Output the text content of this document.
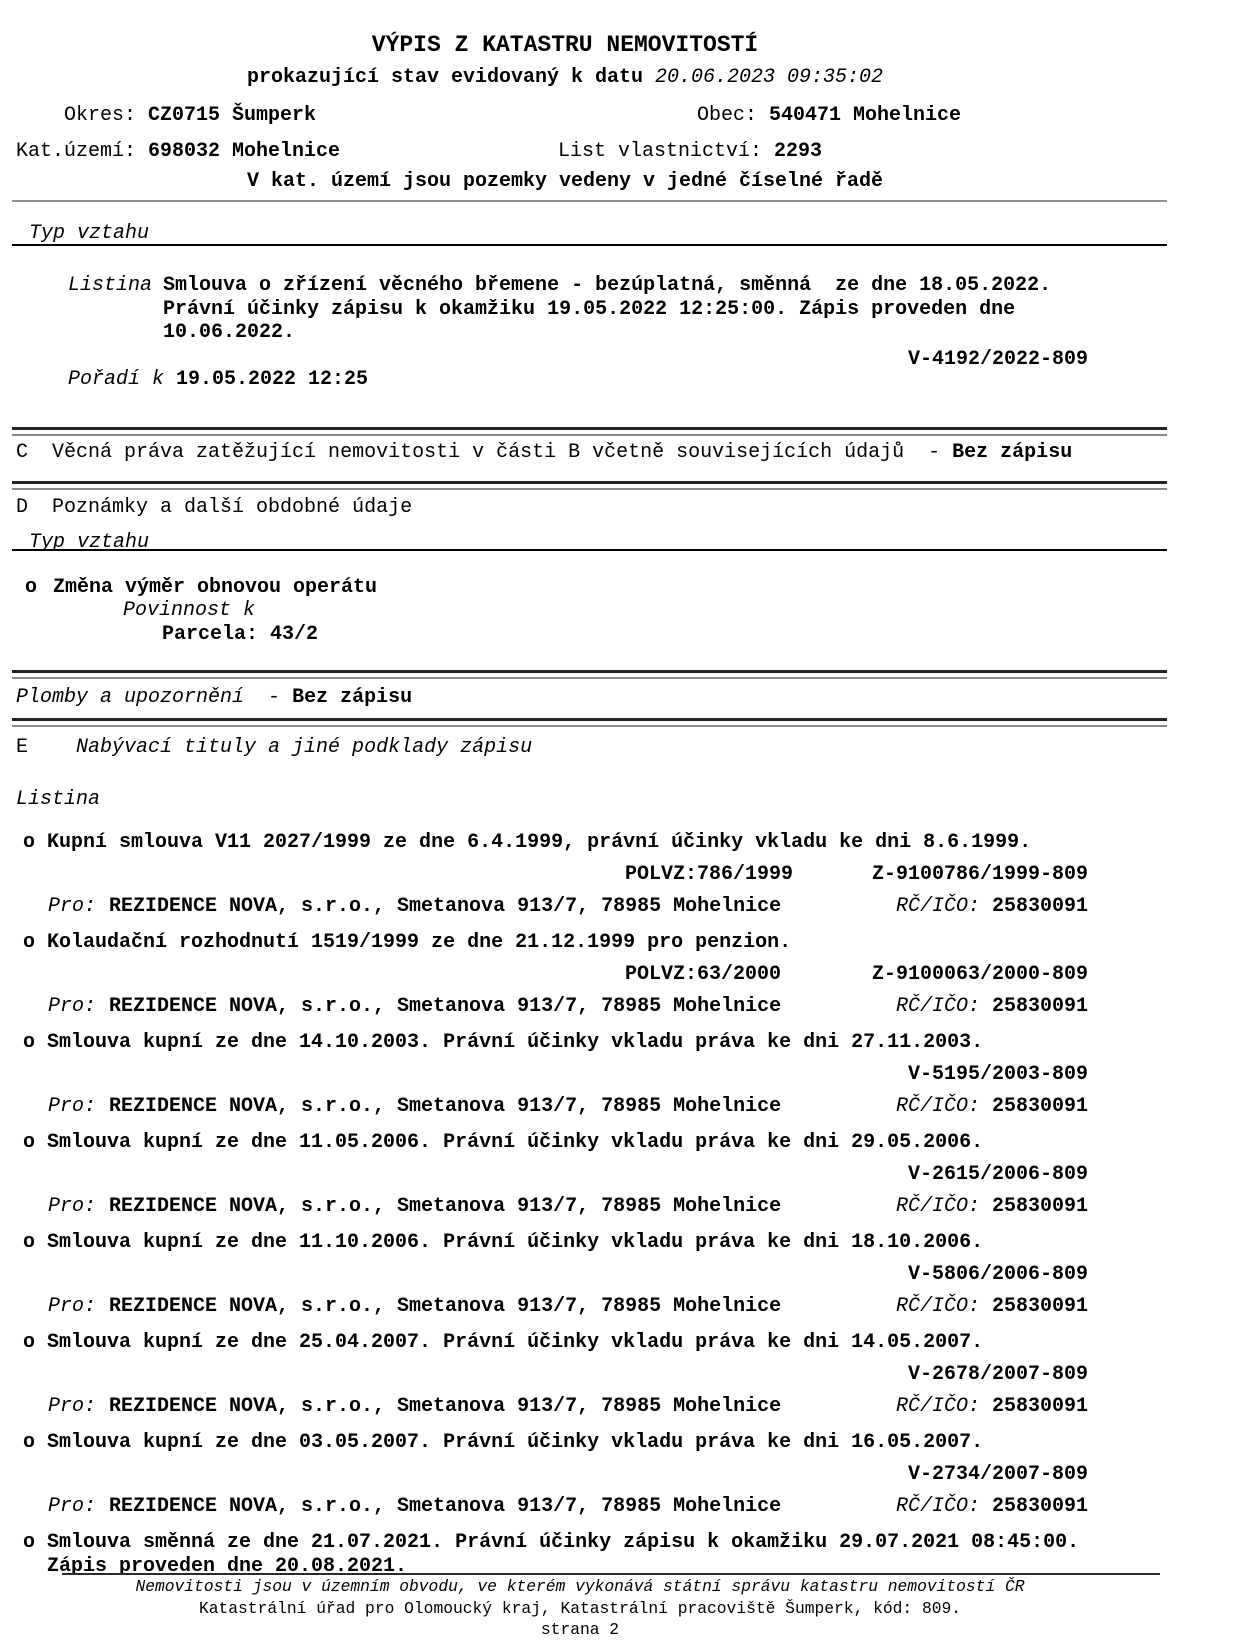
VÝPIS Z KATASTRU NEMOVITOSTÍ
prokazující stav evidovaný k datu 20.06.2023 09:35:02
Okres: CZ0715 Šumperk	Obec: 540471 Mohelnice
Kat.území: 698032 Mohelnice	List vlastnictví: 2293
V kat. území jsou pozemky vedeny v jedné číselné řadě
Typ vztahu
Listina Smlouva o zřízení věcného břemene - bezúplatná, směnná  ze dne 18.05.2022.
Právní účinky zápisu k okamžiku 19.05.2022 12:25:00. Zápis proveden dne
10.06.2022.
V-4192/2022-809
Pořadí k 19.05.2022 12:25
C Věcná práva zatěžující nemovitosti v části B včetně souvisejících údajů - Bez zápisu
D Poznámky a další obdobné údaje
Typ vztahu
o Změna výměr obnovou operátu
Povinnost k
Parcela: 43/2
Plomby a upozornění - Bez zápisu
E Nabývací tituly a jiné podklady zápisu
Listina
o Kupní smlouva V11 2027/1999 ze dne 6.4.1999, právní účinky vkladu ke dni 8.6.1999.
POLVZ:786/1999	Z-9100786/1999-809
Pro: REZIDENCE NOVA, s.r.o., Smetanova 913/7, 78985 Mohelnice	RČ/IČO: 25830091
o Kolaudační rozhodnutí 1519/1999 ze dne 21.12.1999 pro penzion.
POLVZ:63/2000	Z-9100063/2000-809
Pro: REZIDENCE NOVA, s.r.o., Smetanova 913/7, 78985 Mohelnice	RČ/IČO: 25830091
o Smlouva kupní ze dne 14.10.2003. Právní účinky vkladu práva ke dni 27.11.2003.
V-5195/2003-809
Pro: REZIDENCE NOVA, s.r.o., Smetanova 913/7, 78985 Mohelnice	RČ/IČO: 25830091
o Smlouva kupní ze dne 11.05.2006. Právní účinky vkladu práva ke dni 29.05.2006.
V-2615/2006-809
Pro: REZIDENCE NOVA, s.r.o., Smetanova 913/7, 78985 Mohelnice	RČ/IČO: 25830091
o Smlouva kupní ze dne 11.10.2006. Právní účinky vkladu práva ke dni 18.10.2006.
V-5806/2006-809
Pro: REZIDENCE NOVA, s.r.o., Smetanova 913/7, 78985 Mohelnice	RČ/IČO: 25830091
o Smlouva kupní ze dne 25.04.2007. Právní účinky vkladu práva ke dni 14.05.2007.
V-2678/2007-809
Pro: REZIDENCE NOVA, s.r.o., Smetanova 913/7, 78985 Mohelnice	RČ/IČO: 25830091
o Smlouva kupní ze dne 03.05.2007. Právní účinky vkladu práva ke dni 16.05.2007.
V-2734/2007-809
Pro: REZIDENCE NOVA, s.r.o., Smetanova 913/7, 78985 Mohelnice	RČ/IČO: 25830091
o Smlouva směnná ze dne 21.07.2021. Právní účinky zápisu k okamžiku 29.07.2021 08:45:00.
Zápis proveden dne 20.08.2021.
Nemovitosti jsou v územním obvodu, ve kterém vykonává státní správu katastru nemovitostí ČR
Katastrální úřad pro Olomoucký kraj, Katastrální pracoviště Šumperk, kód: 809.
strana 2
